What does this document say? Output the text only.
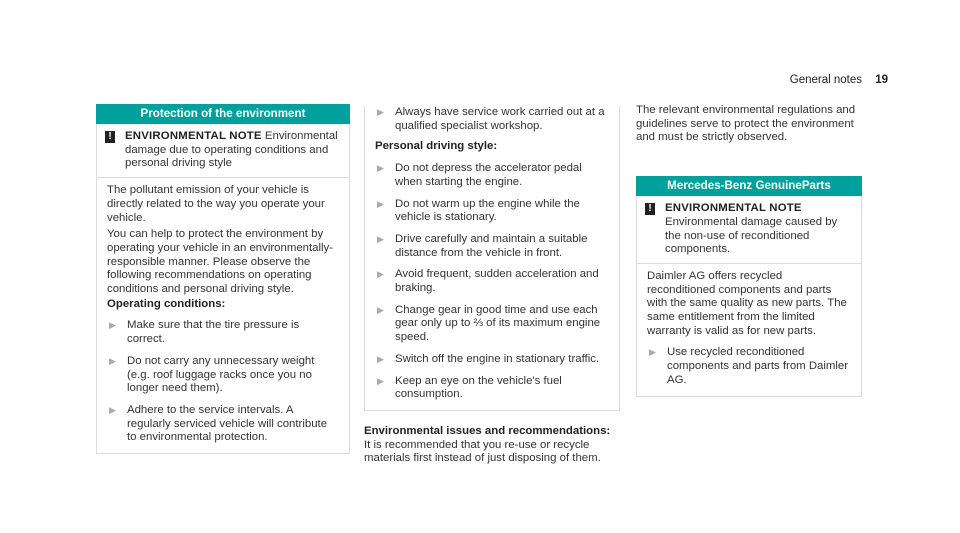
General notes 19
Protection of the environment
! ENVIRONMENTAL NOTE Environmental damage due to operating conditions and personal driving style

The pollutant emission of your vehicle is directly related to the way you operate your vehicle.

You can help to protect the environment by operating your vehicle in an environmentally-responsible manner. Please observe the following recommendations on operating conditions and personal driving style.

Operating conditions:

▶ Make sure that the tire pressure is correct.
▶ Do not carry any unnecessary weight (e.g. roof luggage racks once you no longer need them).
▶ Adhere to the service intervals. A regularly serviced vehicle will contribute to environmental protection.
▶ Always have service work carried out at a qualified specialist workshop.

Personal driving style:

▶ Do not depress the accelerator pedal when starting the engine.
▶ Do not warm up the engine while the vehicle is stationary.
▶ Drive carefully and maintain a suitable distance from the vehicle in front.
▶ Avoid frequent, sudden acceleration and braking.
▶ Change gear in good time and use each gear only up to ⅔ of its maximum engine speed.
▶ Switch off the engine in stationary traffic.
▶ Keep an eye on the vehicle's fuel consumption.

Environmental issues and recommendations:

It is recommended that you re-use or recycle materials first instead of just disposing of them.

The relevant environmental regulations and guidelines serve to protect the environment and must be strictly observed.

Mercedes-Benz GenuineParts
! ENVIRONMENTAL NOTE Environmental damage caused by the non-use of reconditioned components.

Daimler AG offers recycled reconditioned components and parts with the same quality as new parts. The same entitlement from the limited warranty is valid as for new parts.

▶ Use recycled reconditioned components and parts from Daimler AG.
